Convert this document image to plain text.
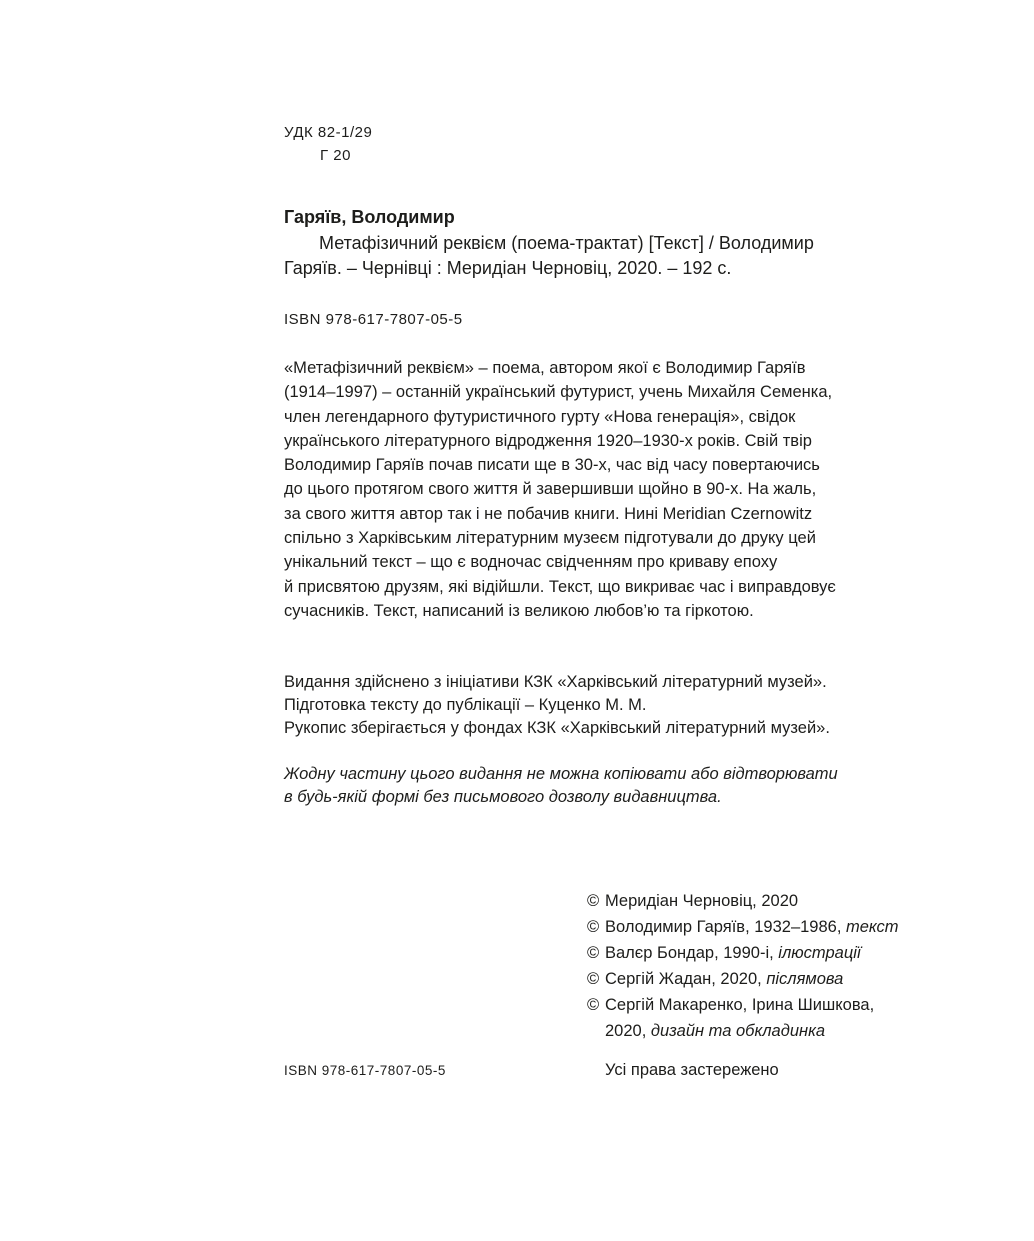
УДК 82-1/29
Г 20
Гаряїв, Володимир
Метафізичний реквієм (поема-трактат) [Текст] / Володимир
Гаряїв. – Чернівці : Меридіан Черновіц, 2020. – 192 с.
ISBN 978-617-7807-05-5
«Метафізичний реквієм» – поема, автором якої є Володимир Гаряїв
(1914–1997) – останній український футурист, учень Михайля Семенка,
член легендарного футуристичного гурту «Нова генерація», свідок
українського літературного відродження 1920–1930-х років. Свій твір
Володимир Гаряїв почав писати ще в 30-х, час від часу повертаючись
до цього протягом свого життя й завершивши щойно в 90-х. На жаль,
за свого життя автор так і не побачив книги. Нині Meridian Czernowitz
спільно з Харківським літературним музеєм підготували до друку цей
унікальний текст – що є водночас свідченням про криваву епоху
й присвятою друзям, які відійшли. Текст, що викриває час і виправдовує
сучасників. Текст, написаний із великою любов’ю та гіркотою.
Видання здійснено з ініціативи КЗК «Харківський літературний музей».
Підготовка тексту до публікації – Куценко М. М.
Рукопис зберігається у фондах КЗК «Харківський літературний музей».
Жодну частину цього видання не можна копіювати або відтворювати
в будь-якій формі без письмового дозволу видавництва.
© Меридіан Черновіц, 2020
© Володимир Гаряїв, 1932–1986, текст
© Валєр Бондар, 1990-і, ілюстрації
© Сергій Жадан, 2020, післямова
© Сергій Макаренко, Ірина Шишкова,
2020, дизайн та обкладинка
ISBN 978-617-7807-05-5	Усі права застережено
